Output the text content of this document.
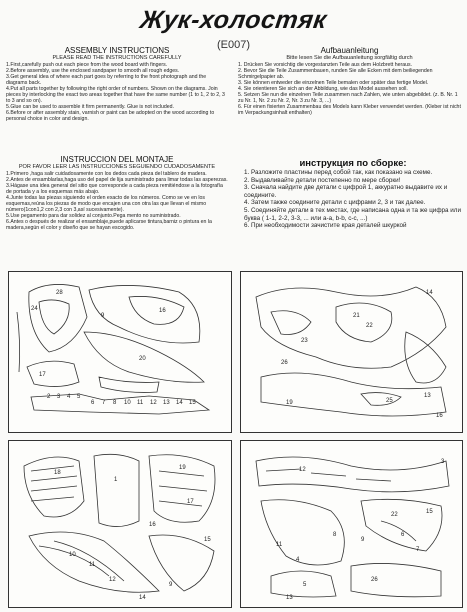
Жук-холостяк
(E007)
ASSEMBLY INSTRUCTIONS
PLEASE READ THE INSTRUCTIONS CAREFULLY

1.First,carefully push out each piece from the wood board with fingers.

2.Before assembly, use the enclosed sandpaper to smooth all rough edges.

3.Get general idea of where each part goes by referring to the front photograph and the diagrams back.

4.Put all parts together by following the right order of numbers. Shown on the diagrams. Join pieces by interlocking the exact two areas together that have the same number (1 to 1, 2 to 2, 3 to 3 and so on).

5.Glue can be used to assemble it firm permanently. Glue is not included.

6.Before or after assembly stain, varnish or paint can be adopted on the wood according to personal choice in color and design.

Aufbauanleitung
Bitte lesen Sie die Aufbauanleitung sorgfältig durch

1. Drücken Sie vorsichtig die vorgestanzten Teile aus dem Holzbrett heraus.

2. Bevor Sie die Teile Zusammenbauen, runden Sie alle Ecken mit dem beiliegenden Schmirgelpapier ab.

3. Sie können entweder die einzelnen Teile bemalen oder später das fertige Model.

4. Sie orientieren Sie sich an der Abbildung, wie das Model aussehen soll.

5. Setzen Sie nun die einzelnen Teile zusammen nach Zahlen, wie unten abgebildet. (z. B. Nr. 1 zu Nr. 1, Nr. 2 zu Nr. 2, Nr. 3 zu Nr. 3, ...)

6. Für einen fixierten Zusammenbau des Models kann Kleber verwendet werden. (Kleber ist nicht im Verpackungsinhalt enthalten)

INSTRUCCION DEL MONTAJE
POR FAVOR LEER LAS INSTRUCCIONES SEGUIENDO CUDADOSAMENTE

1.Primero ,haga salir cuidadosamente con los dedos cada pieza del tablero de madera.

2.Antes de ensamblarlas,haga uso del papel de lija suministrado para limar todas las asperezas.

3.Hágase una idea general del sitio que corresponde a cada pieza remitiéndose a la fotografía de portada y a los esquemas más abajo.

4.Junte todas las piezas siguiendo el orden exacto de los números. Como se ve en los esquemas,reúna los piezas de modo que encajen una con otra las que llevan el mismo número(1con1,2 con 2,3 con 3,así sucesivamente).

5.Use pegamento para dar solidez al conjunto.Pega mento no suministrado.

6.Antes o después de realizar el ensamblaje,puede aplicarse tintura,barniz o pintura en la madera,según el color y diseño que se hayan escogido.

инструкция по сборке:

1. Разложите пластины перед собой так, как показано на схеме.

2. Выдавливайте детали постепенно по мере сборки!

3. Сначала найдите две детали с цифрой 1, аккуратно выдавите их и соедините.

4. Затем также соедините детали с цифрами 2, 3 и так далее.

5. Соединяйте детали в тех местах, где написана одна и та же цифра или буква ( 1-1, 2-2, 3-3, ... или а-а, b-b, с-с, ...)

6. При необходимости зачистите края деталей шкуркой

28
24
9
16
20
17
6 7 8 10 11 12 13 14 15
3 4 5
2
22
21
14
23
26
19	25
13
16
18
19
1
17
15
16
10
11
12
9
14
12
3
22
9
8
15
6
7
11
4
5
26
13
